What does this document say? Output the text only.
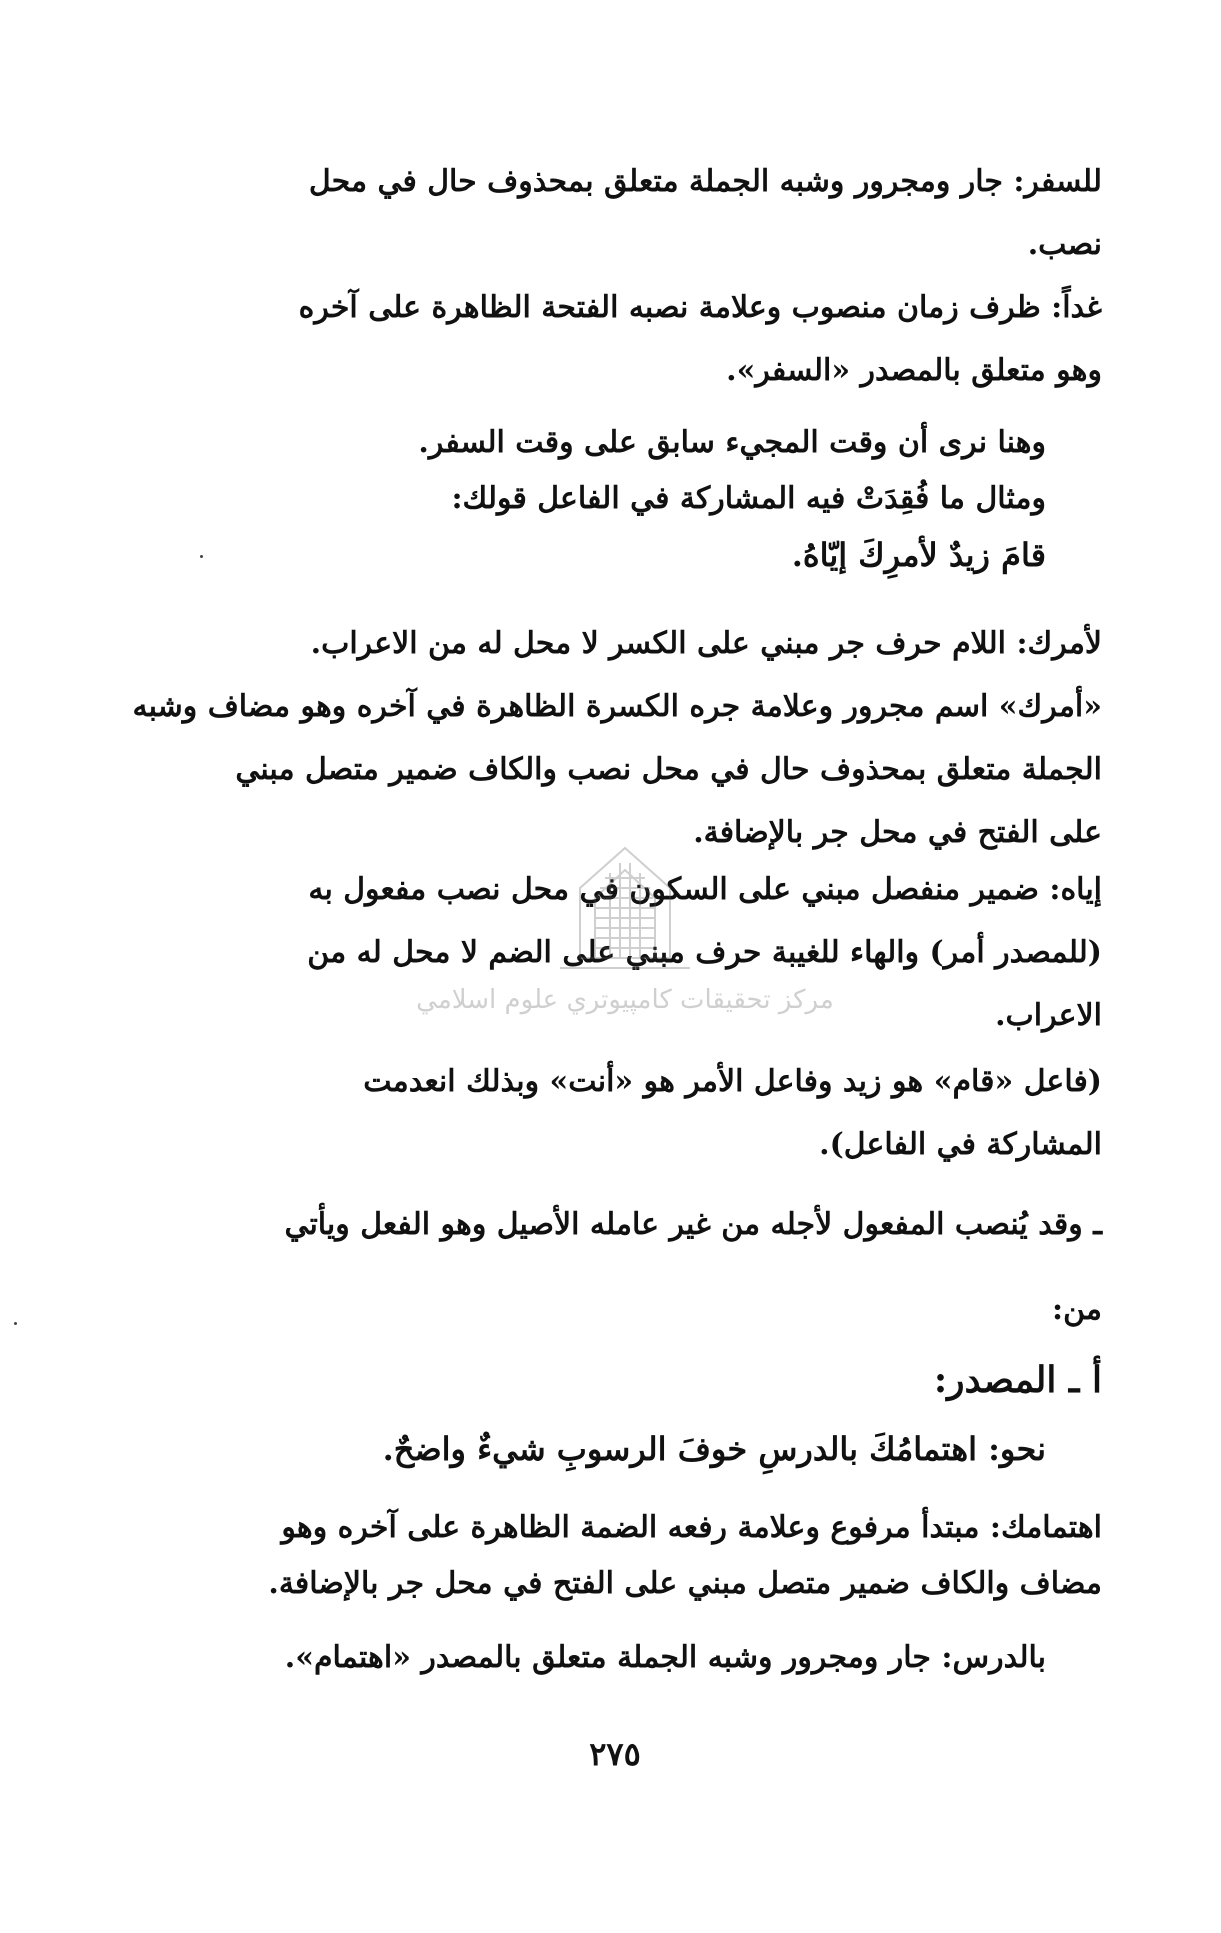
للسفر: جار ومجرور وشبه الجملة متعلق بمحذوف حال في محل
نصب.
غداً: ظرف زمان منصوب وعلامة نصبه الفتحة الظاهرة على آخره
وهو متعلق بالمصدر «السفر».
وهنا نرى أن وقت المجيء سابق على وقت السفر.
ومثال ما فُقِدَتْ فيه المشاركة في الفاعل قولك:
قامَ زيدٌ لأمرِكَ إيّاهُ.
لأمرك: اللام حرف جر مبني على الكسر لا محل له من الاعراب.
«أمرك» اسم مجرور وعلامة جره الكسرة الظاهرة في آخره وهو مضاف وشبه
الجملة متعلق بمحذوف حال في محل نصب والكاف ضمير متصل مبني
على الفتح في محل جر بالإضافة.
إياه: ضمير منفصل مبني على السكون في محل نصب مفعول به
(للمصدر أمر) والهاء للغيبة حرف مبني على الضم لا محل له من
الاعراب.
(فاعل «قام» هو زيد وفاعل الأمر هو «أنت» وبذلك انعدمت
المشاركة في الفاعل).
ـ وقد يُنصب المفعول لأجله من غير عامله الأصيل وهو الفعل ويأتي
من:
أ ـ المصدر:
نحو: اهتمامُكَ بالدرسِ خوفَ الرسوبِ شيءٌ واضحٌ.
اهتمامك: مبتدأ مرفوع وعلامة رفعه الضمة الظاهرة على آخره وهو
مضاف والكاف ضمير متصل مبني على الفتح في محل جر بالإضافة.
بالدرس: جار ومجرور وشبه الجملة متعلق بالمصدر «اهتمام».
٢٧٥
مركز تحقيقات كامپيوتري علوم اسلامي
